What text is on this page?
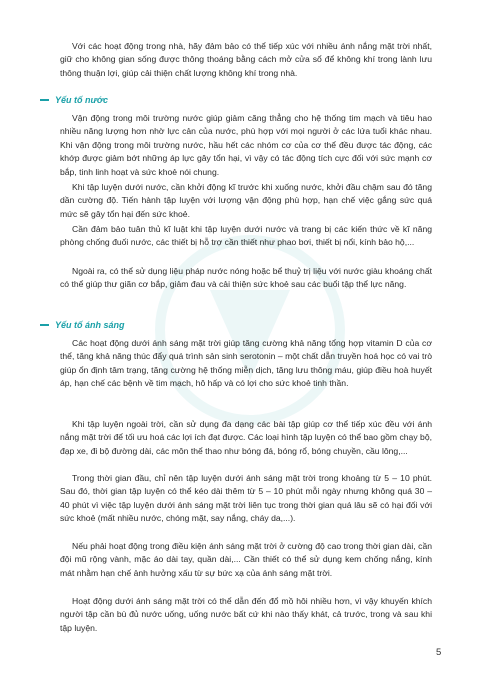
Với các hoạt động trong nhà, hãy đảm bảo có thể tiếp xúc với nhiều ánh nắng mặt trời nhất, giữ cho không gian sống được thông thoáng bằng cách mở cửa sổ để không khí trong lành lưu thông thuận lợi, giúp cải thiện chất lượng không khí trong nhà.

Yếu tố nước

Vận động trong môi trường nước giúp giảm căng thẳng cho hệ thống tim mạch và tiêu hao nhiều năng lượng hơn nhờ lực cản của nước, phù hợp với mọi người ở các lứa tuổi khác nhau. Khi vận động trong môi trường nước, hầu hết các nhóm cơ của cơ thể đều được tác động, các khớp được giảm bớt những áp lực gây tổn hại, vì vậy có tác động tích cực đối với sức mạnh cơ bắp, tinh linh hoạt và sức khoẻ nói chung.

Khi tập luyện dưới nước, cần khởi động kĩ trước khi xuống nước, khởi đầu chậm sau đó tăng dần cường độ. Tiến hành tập luyện với lượng vận động phù hợp, hạn chế việc gắng sức quá mức sẽ gây tổn hại đến sức khoẻ.

Cần đảm bảo tuân thủ kĩ luật khi tập luyện dưới nước và trang bị các kiến thức về kĩ năng phòng chống đuối nước, các thiết bị hỗ trợ cần thiết như phao bơi, thiết bị nổi, kính bảo hộ,...

Ngoài ra, có thể sử dụng liệu pháp nước nóng hoặc bể thuỷ trị liệu với nước giàu khoáng chất có thể giúp thư giãn cơ bắp, giảm đau và cải thiện sức khoẻ sau các buổi tập thể lực năng.

Yếu tố ánh sáng

Các hoạt động dưới ánh sáng mặt trời giúp tăng cường khả năng tổng hợp vitamin D của cơ thể, tăng khả năng thúc đẩy quá trình sản sinh serotonin – một chất dẫn truyền hoá học có vai trò giúp ổn định tâm trạng, tăng cường hệ thống miễn dịch, tăng lưu thông máu, giúp điều hoà huyết áp, hạn chế các bệnh về tim mạch, hô hấp và có lợi cho sức khoẻ tinh thần.

Khi tập luyện ngoài trời, cần sử dụng đa dạng các bài tập giúp cơ thể tiếp xúc đều với ánh nắng mặt trời để tối ưu hoá các lợi ích đạt được. Các loại hình tập luyện có thể bao gồm chạy bộ, đạp xe, đi bộ đường dài, các môn thể thao như bóng đá, bóng rổ, bóng chuyền, cầu lông,...

Trong thời gian đầu, chỉ nên tập luyện dưới ánh sáng mặt trời trong khoảng từ 5 – 10 phút. Sau đó, thời gian tập luyện có thể kéo dài thêm từ 5 – 10 phút mỗi ngày nhưng không quá 30 – 40 phút vì việc tập luyện dưới ánh sáng mặt trời liên tục trong thời gian quá lâu sẽ có hại đối với sức khoẻ (mất nhiều nước, chóng mặt, say nắng, cháy da,...).

Nếu phải hoạt động trong điều kiện ánh sáng mặt trời ở cường độ cao trong thời gian dài, cần đội mũ rộng vành, mặc áo dài tay, quần dài,... Cần thiết có thể sử dụng kem chống nắng, kính mát nhằm hạn chế ảnh hưởng xấu từ sự bức xạ của ánh sáng mặt trời.

Hoạt động dưới ánh sáng mặt trời có thể dẫn đến đổ mồ hôi nhiều hơn, vì vậy khuyến khích người tập cần bù đủ nước uống, uống nước bất cứ khi nào thấy khát, cả trước, trong và sau khi tập luyện.

5
